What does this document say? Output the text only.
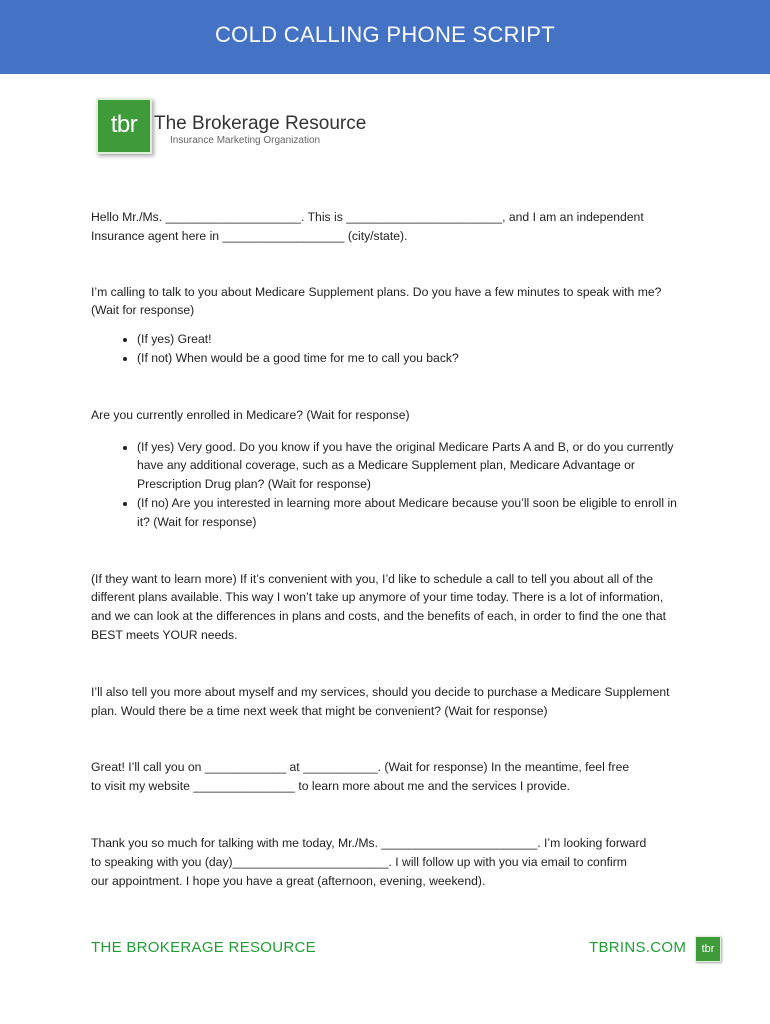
COLD CALLING PHONE SCRIPT
tbr The Brokerage Resource
Insurance Marketing Organization

Hello Mr./Ms. ____________________. This is _______________________, and I am an independent
Insurance agent here in __________________ (city/state).

I’m calling to talk to you about Medicare Supplement plans. Do you have a few minutes to speak with me? (Wait for response)

• (If yes) Great!
• (If not) When would be a good time for me to call you back?

Are you currently enrolled in Medicare? (Wait for response)

• (If yes) Very good. Do you know if you have the original Medicare Parts A and B, or do you currently have any additional coverage, such as a Medicare Supplement plan, Medicare Advantage or Prescription Drug plan? (Wait for response)
• (If no) Are you interested in learning more about Medicare because you’ll soon be eligible to enroll in it? (Wait for response)

(If they want to learn more) If it’s convenient with you, I’d like to schedule a call to tell you about all of the different plans available. This way I won’t take up anymore of your time today. There is a lot of information, and we can look at the differences in plans and costs, and the benefits of each, in order to find the one that BEST meets YOUR needs.

I’ll also tell you more about myself and my services, should you decide to purchase a Medicare Supplement plan. Would there be a time next week that might be convenient? (Wait for response)

Great! I’ll call you on ____________ at ___________. (Wait for response) In the meantime, feel free
to visit my website _______________ to learn more about me and the services I provide.

Thank you so much for talking with me today, Mr./Ms. _______________________. I’m looking forward
to speaking with you (day)_______________________. I will follow up with you via email to confirm
our appointment. I hope you have a great (afternoon, evening, weekend).

THE BROKERAGE RESOURCE	TBRINS.COM	tbr
